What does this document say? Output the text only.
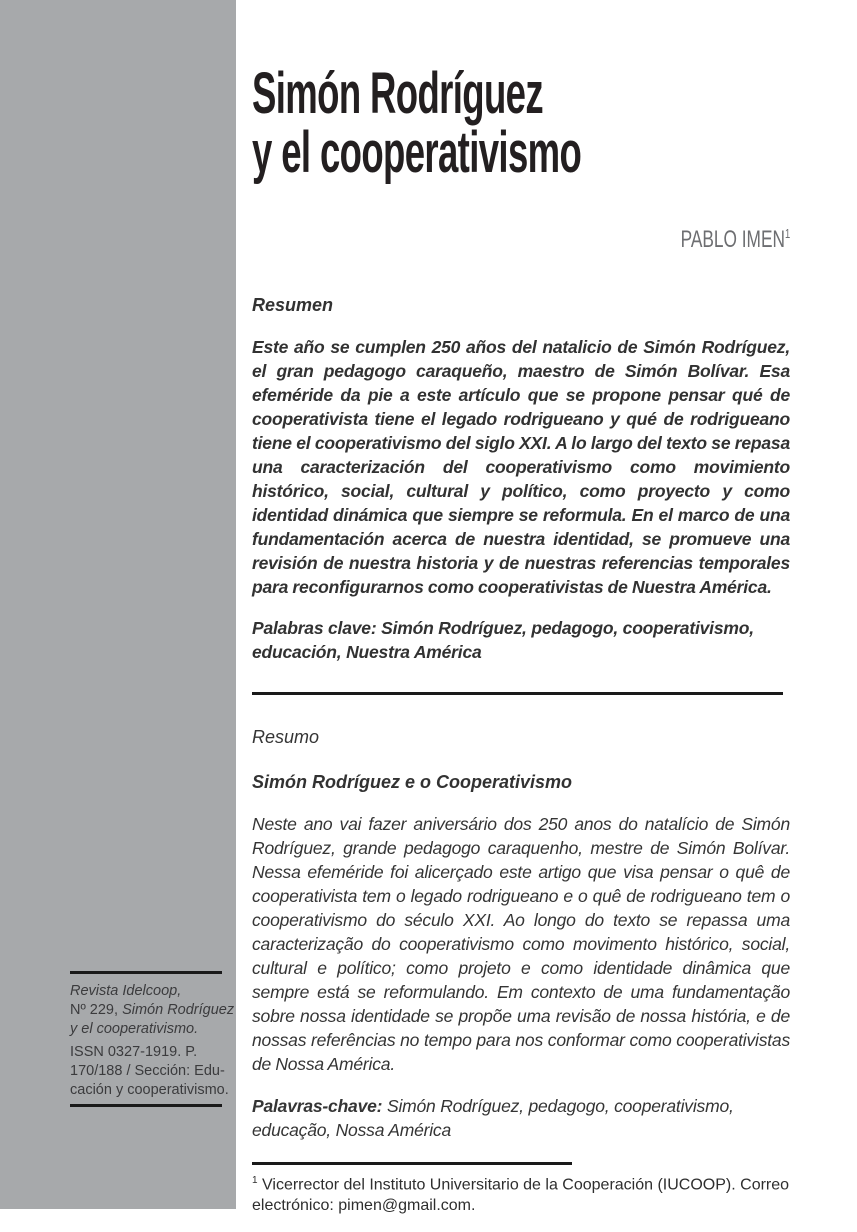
Revista Idelcoop,
Nº 229, Simón Rodríguez
y el cooperativismo.

ISSN 0327-1919. P.
170/188 / Sección: Edu-
cación y cooperativismo.

Simón Rodríguez
y el cooperativismo
PABLO IMEN$^1$

Resumen

Este año se cumplen 250 años del natalicio de Simón Rodríguez, el gran pedagogo caraqueño, maestro de Simón Bolívar. Esa efeméride da pie a este artículo que se propone pensar qué de cooperativista tiene el legado rodrigueano y qué de rodrigueano tiene el cooperativismo del siglo XXI. A lo largo del texto se repasa una caracterización del cooperativismo como movimiento histórico, social, cultural y político, como proyecto y como identidad dinámica que siempre se reformula. En el marco de una fundamentación acerca de nuestra identidad, se promueve una revisión de nuestra historia y de nuestras referencias temporales para reconfigurarnos como cooperativistas de Nuestra América.

Palabras clave: Simón Rodríguez, pedagogo, cooperativismo, educación, Nuestra América

Resumo

Simón Rodríguez e o Cooperativismo

Neste ano vai fazer aniversário dos 250 anos do natalício de Simón Rodríguez, grande pedagogo caraquenho, mestre de Simón Bolívar. Nessa efeméride foi alicerçado este artigo que visa pensar o quê de cooperativista tem o legado rodrigueano e o quê de rodrigueano tem o cooperativismo do século XXI. Ao longo do texto se repassa uma caracterização do cooperativismo como movimento histórico, social, cultural e político; como projeto e como identidade dinâmica que sempre está se reformulando. Em contexto de uma fundamentação sobre nossa identidade se propõe uma revisão de nossa história, e de nossas referências no tempo para nos conformar como cooperativistas de Nossa América.

Palavras-chave: Simón Rodríguez, pedagogo, cooperativismo, educação, Nossa América

$^1$ Vicerrector del Instituto Universitario de la Cooperación (IUCOOP). Correo electrónico: pimen@gmail.com.
